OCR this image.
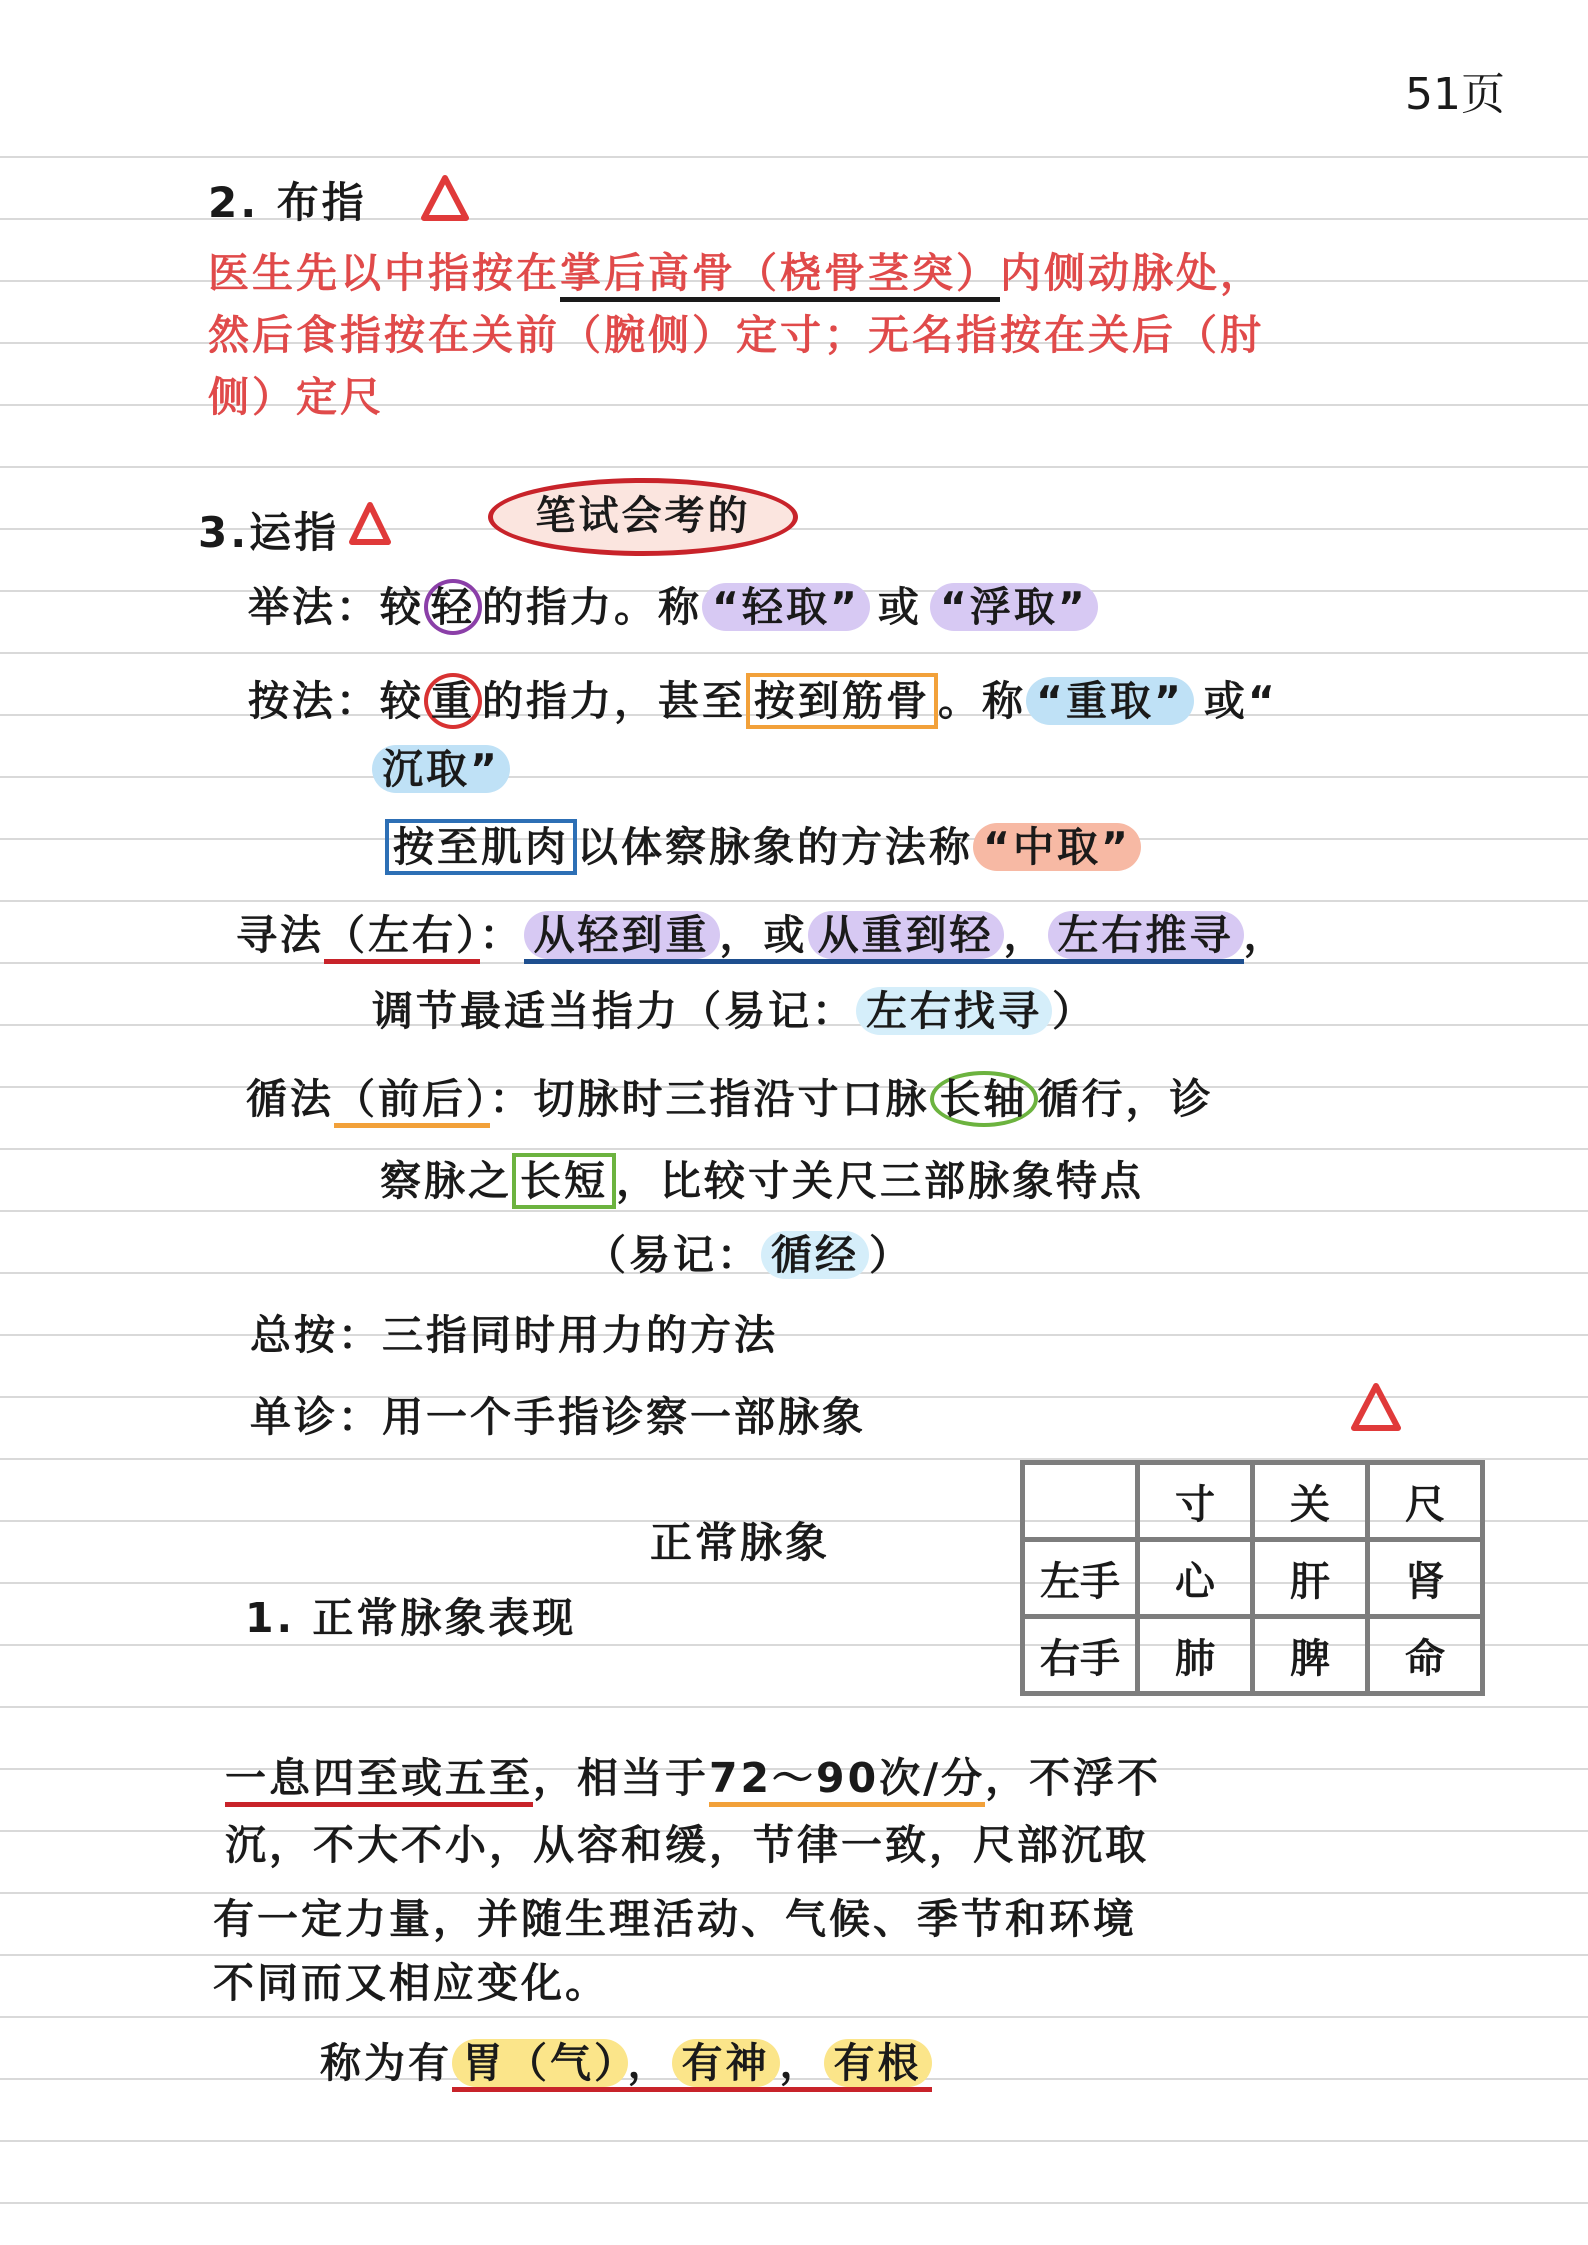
51页
2. 布指
医生先以中指按在掌后高骨（桡骨茎突）内侧动脉处，
然后食指按在关前（腕侧）定寸；无名指按在关后（肘
侧）定尺
3.运指	笔试会考的
举法：较 轻 的指力。称 “轻取” 或 “浮取”
按法：较 重 的指力，甚至 按到筋骨 。称 “重取” 或“
沉取”
按至肌肉 以体察脉象的方法称 “中取”
寻法（左右）： 从轻到重 ，或 从重到轻 ， 左右推寻 ，
调节最适当指力（易记： 左右找寻 ）
循法（前后）：切脉时三指沿寸口脉 长轴 循行，诊
察脉之 长短 ，比较寸关尺三部脉象特点
（易记： 循经 ）
总按：三指同时用力的方法
单诊：用一个手指诊察一部脉象
正常脉象
1. 正常脉象表现
	寸	关	尺
左手	心	肝	肾
右手	肺	脾	命
一息四至或五至，相当于72～90次/分，不浮不
沉，不大不小，从容和缓，节律一致，尺部沉取
有一定力量，并随生理活动、气候、季节和环境
不同而又相应变化。
称为有 胃（气） ， 有神 ， 有根
